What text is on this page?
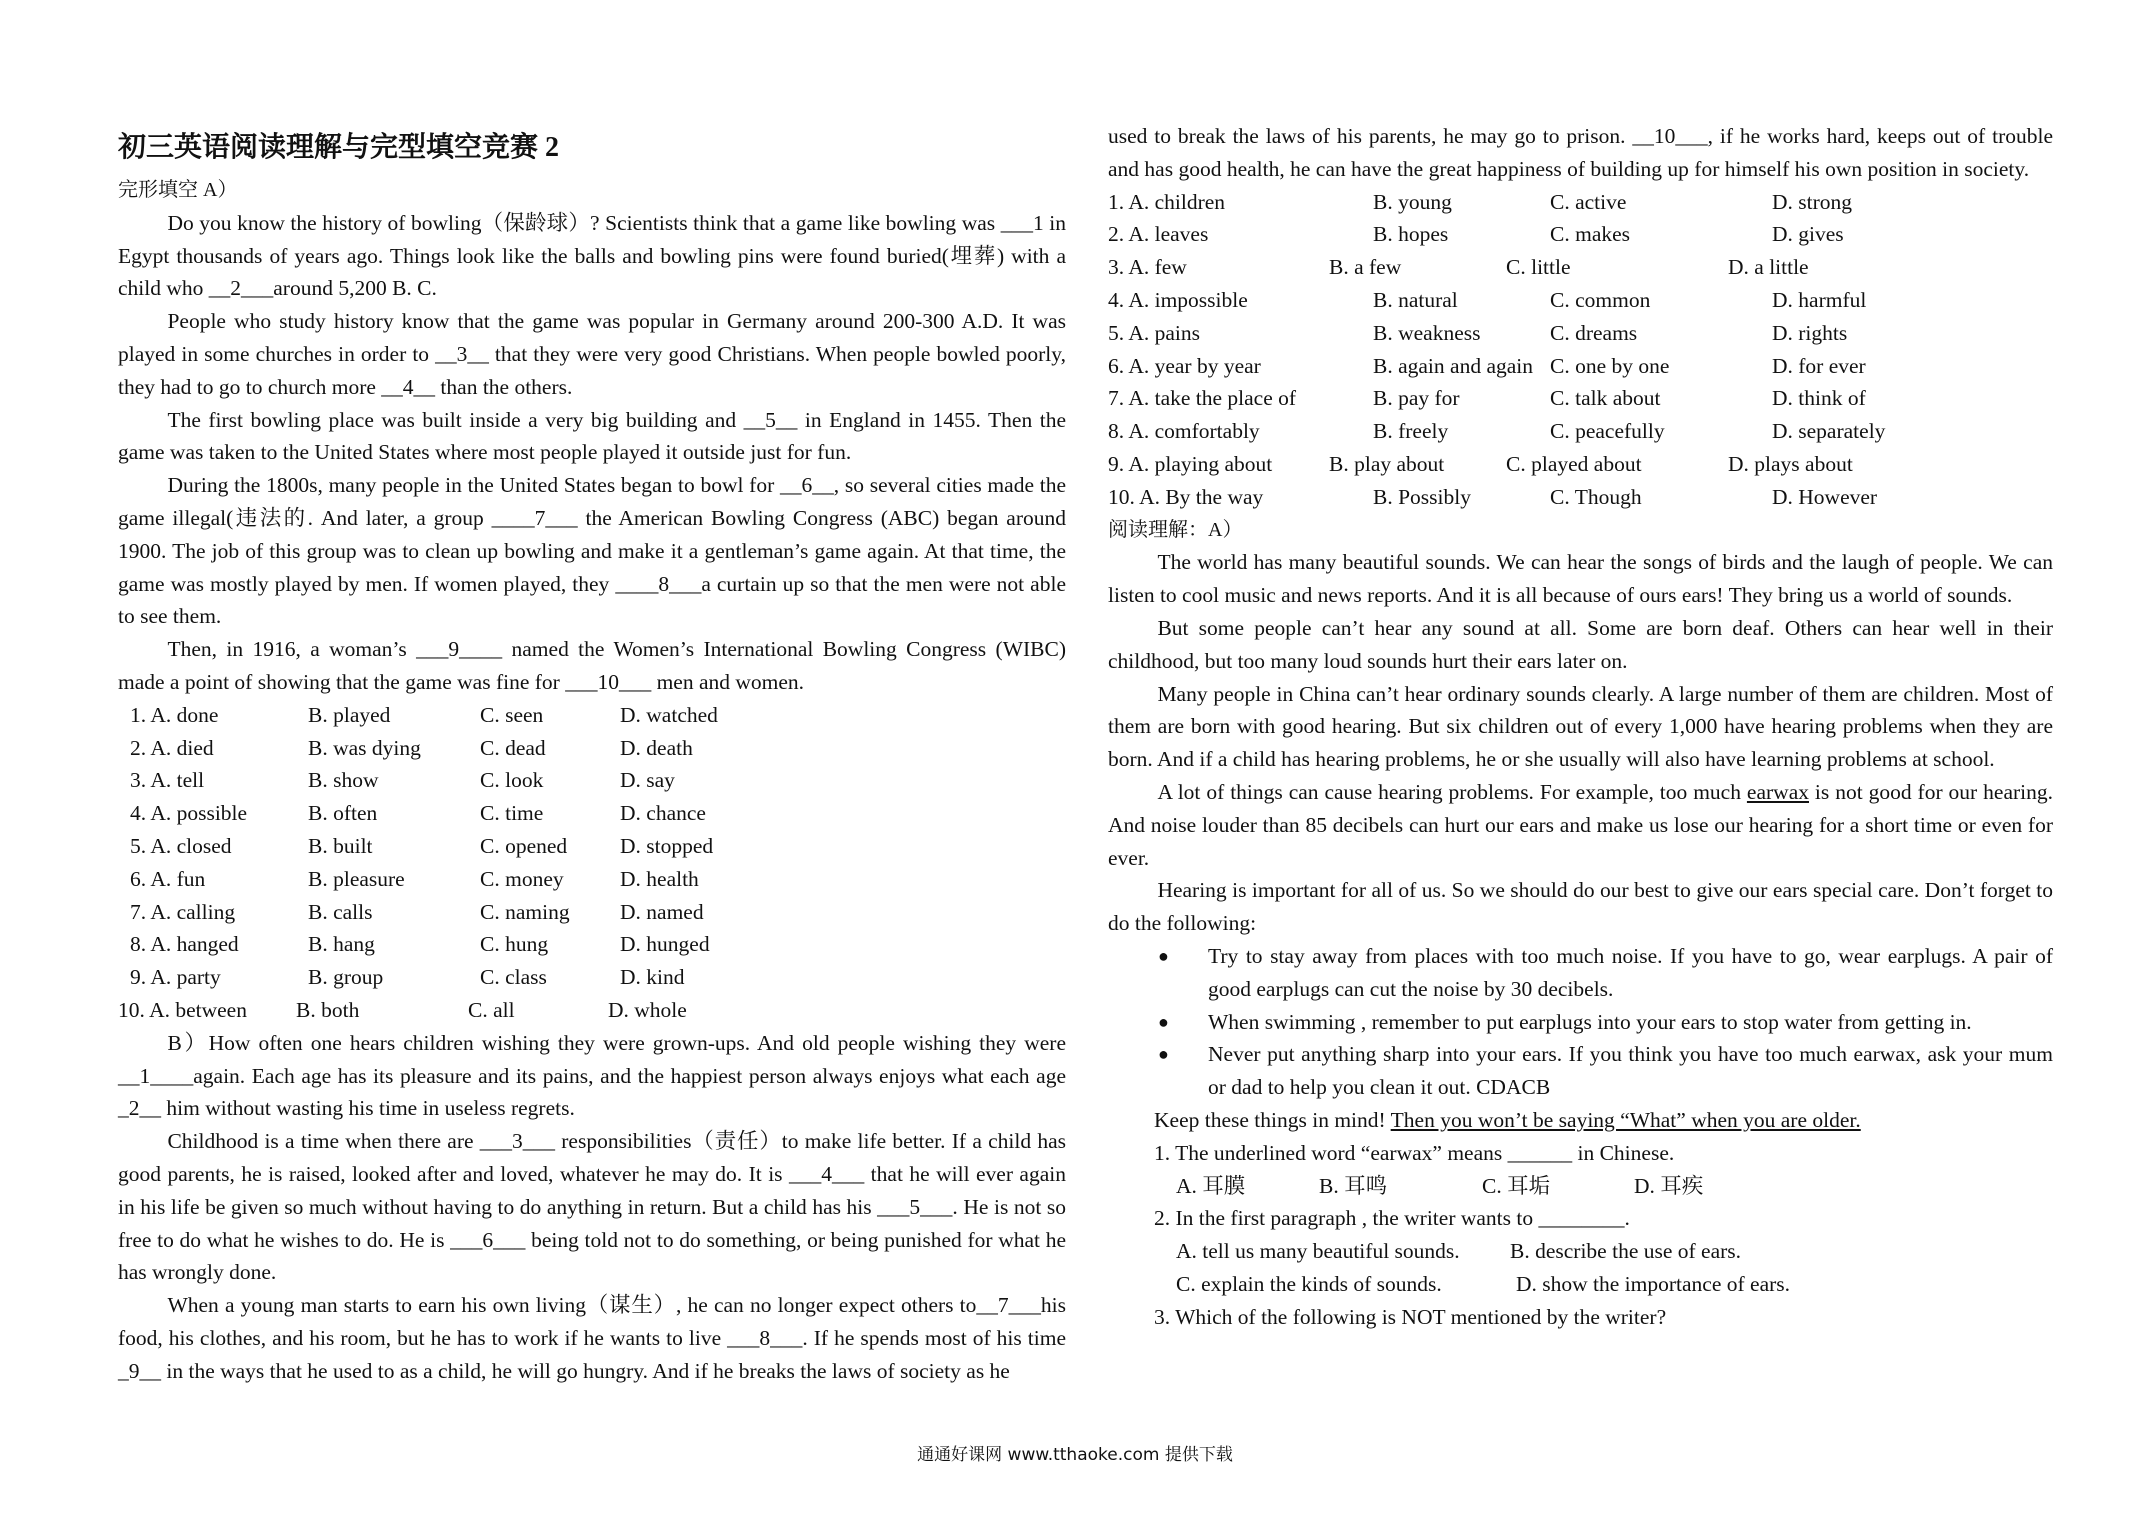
初三英语阅读理解与完型填空竞赛 2
完形填空 A）

Do you know the history of bowling（保龄球）? Scientists think that a game like bowling was ___1 in Egypt thousands of years ago. Things look like the balls and bowling pins were found buried(埋葬) with a child who __2___around 5,200 B. C.

People who study history know that the game was popular in Germany around 200-300 A.D. It was played in some churches in order to __3__ that they were very good Christians. When people bowled poorly, they had to go to church more __4__ than the others.

The first bowling place was built inside a very big building and __5__ in England in 1455. Then the game was taken to the United States where most people played it outside just for fun.

During the 1800s, many people in the United States began to bowl for __6__, so several cities made the game illegal(违法的. And later, a group ____7___ the American Bowling Congress (ABC) began around 1900. The job of this group was to clean up bowling and make it a gentleman’s game again. At that time, the game was mostly played by men. If women played, they ____8___a curtain up so that the men were not able to see them.

Then, in 1916, a woman’s ___9____ named the Women’s International Bowling Congress (WIBC) made a point of showing that the game was fine for ___10___ men and women.

1. A. done	B. played	C. seen	D. watched
2. A. died	B. was dying	C. dead	D. death
3. A. tell	B. show	C. look	D. say
4. A. possible	B. often	C. time	D. chance
5. A. closed	B. built	C. opened	D. stopped
6. A. fun	B. pleasure	C. money	D. health
7. A. calling	B. calls	C. naming	D. named
8. A. hanged	B. hang	C. hung	D. hunged
9. A. party	B. group	C. class	D. kind
10. A. between	B. both	C. all	D. whole

B）How often one hears children wishing they were grown-ups. And old people wishing they were __1____again. Each age has its pleasure and its pains, and the happiest person always enjoys what each age _2__ him without wasting his time in useless regrets.

Childhood is a time when there are ___3___ responsibilities（责任）to make life better. If a child has good parents, he is raised, looked after and loved, whatever he may do. It is ___4___ that he will ever again in his life be given so much without having to do anything in return. But a child has his ___5___. He is not so free to do what he wishes to do. He is ___6___ being told not to do something, or being punished for what he has wrongly done.

When a young man starts to earn his own living（谋生）, he can no longer expect others to__7___his food, his clothes, and his room, but he has to work if he wants to live ___8___. If he spends most of his time _9__ in the ways that he used to as a child, he will go hungry. And if he breaks the laws of society as he

used to break the laws of his parents, he may go to prison. __10___, if he works hard, keeps out of trouble and has good health, he can have the great happiness of building up for himself his own position in society.

1. A. children	B. young	C. active	D. strong
2. A. leaves	B. hopes	C. makes	D. gives
3. A. few	B. a few	C. little	D. a little
4. A. impossible	B. natural	C. common	D. harmful
5. A. pains	B. weakness	C. dreams	D. rights
6. A. year by year	B. again and again C. one by one	D. for ever
7. A. take the place of	B. pay for	C. talk about	D. think of
8. A. comfortably	B. freely	C. peacefully	D. separately
9. A. playing about	B. play about	C. played about	D. plays about
10. A. By the way	B. Possibly	C. Though	D. However
阅读理解：A）

The world has many beautiful sounds. We can hear the songs of birds and the laugh of people. We can listen to cool music and news reports. And it is all because of ours ears! They bring us a world of sounds.

But some people can’t hear any sound at all. Some are born deaf. Others can hear well in their childhood, but too many loud sounds hurt their ears later on.

Many people in China can’t hear ordinary sounds clearly. A large number of them are children. Most of them are born with good hearing. But six children out of every 1,000 have hearing problems when they are born. And if a child has hearing problems, he or she usually will also have learning problems at school.

A lot of things can cause hearing problems. For example, too much earwax is not good for our hearing. And noise louder than 85 decibels can hurt our ears and make us lose our hearing for a short time or even for ever.

Hearing is important for all of us. So we should do our best to give our ears special care. Don’t forget to do the following:

●	Try to stay away from places with too much noise. If you have to go, wear earplugs. A pair of good earplugs can cut the noise by 30 decibels.
●	When swimming , remember to put earplugs into your ears to stop water from getting in.
●	Never put anything sharp into your ears. If you think you have too much earwax, ask your mum or dad to help you clean it out. CDACB
Keep these things in mind! Then you won’t be saying “What” when you are older.
1. The underlined word “earwax” means ______ in Chinese.
A. 耳膜	B. 耳鸣	C. 耳垢	D. 耳疾
2. In the first paragraph , the writer wants to ________.
A. tell us many beautiful sounds. B. describe the use of ears.
C. explain the kinds of sounds.	D. show the importance of ears.
3. Which of the following is NOT mentioned by the writer?
通通好课网 www.tthaoke.com 提供下载
